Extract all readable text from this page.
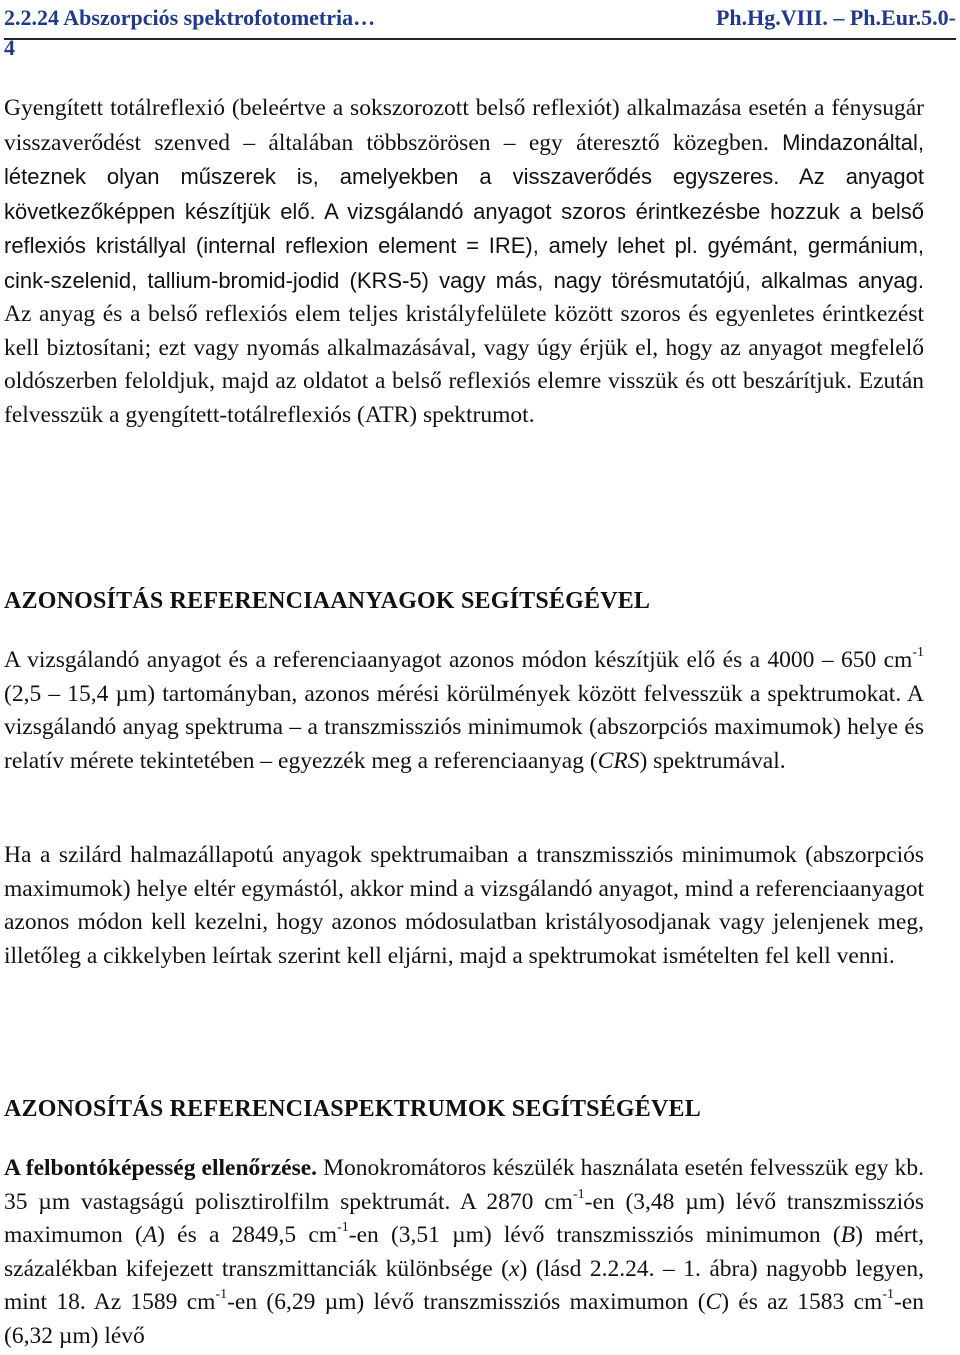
2.2.24 Abszorpciós spektrofotometria…	Ph.Hg.VIII. – Ph.Eur.5.0-
4

Gyengített totálreflexió (beleértve a sokszorozott belső reflexiót) alkalmazása esetén a fénysugár visszaverődést szenved – általában többszörösen – egy áteresztő közegben. Mindazonáltal, léteznek olyan műszerek is, amelyekben a visszaverődés egyszeres. Az anyagot következőképpen készítjük elő. A vizsgálandó anyagot szoros érintkezésbe hozzuk a belső reflexiós kristállyal (internal reflexion element = IRE), amely lehet pl. gyémánt, germánium, cink-szelenid, tallium-bromid-jodid (KRS-5) vagy más, nagy törésmutatójú, alkalmas anyag. Az anyag és a belső reflexiós elem teljes kristályfelülete között szoros és egyenletes érintkezést kell biztosítani; ezt vagy nyomás alkalmazásával, vagy úgy érjük el, hogy az anyagot megfelelő oldószerben feloldjuk, majd az oldatot a belső reflexiós elemre visszük és ott beszárítjuk. Ezután felvesszük a gyengített-totálreflexiós (ATR) spektrumot.

AZONOSÍTÁS REFERENCIAANYAGOK SEGÍTSÉGÉVEL

A vizsgálandó anyagot és a referenciaanyagot azonos módon készítjük elő és a 4000 – 650 $cm^{-1}$ (2,5 – 15,4 µm) tartományban, azonos mérési körülmények között felvesszük a spektrumokat. A vizsgálandó anyag spektruma – a transzmissziós minimumok (abszorpciós maximumok) helye és relatív mérete tekintetében – egyezzék meg a referenciaanyag (CRS) spektrumával.

Ha a szilárd halmazállapotú anyagok spektrumaiban a transzmissziós minimumok (abszorpciós maximumok) helye eltér egymástól, akkor mind a vizsgálandó anyagot, mind a referenciaanyagot azonos módon kell kezelni, hogy azonos módosulatban kristályosodjanak vagy jelenjenek meg, illetőleg a cikkelyben leírtak szerint kell eljárni, majd a spektrumokat ismételten fel kell venni.

AZONOSÍTÁS REFERENCIASPEKTRUMOK SEGÍTSÉGÉVEL

A felbontóképesség ellenőrzése. Monokromátoros készülék használata esetén felvesszük egy kb. 35 µm vastagságú polisztirolfilm spektrumát. A 2870 $cm^{-1}-en$ (3,48 µm) lévő transzmissziós maximumon (A) és a 2849,5 $cm^{-1}-en$ (3,51 µm) lévő transzmissziós minimumon (B) mért, százalékban kifejezett transzmittanciák különbsége (x) (lásd 2.2.24. – 1. ábra) nagyobb legyen, mint 18. Az 1589 $cm^{-1}-en$ (6,29 µm) lévő transzmissziós maximumon (C) és az 1583 $cm^{-1}-en$ (6,32 µm) lévő
